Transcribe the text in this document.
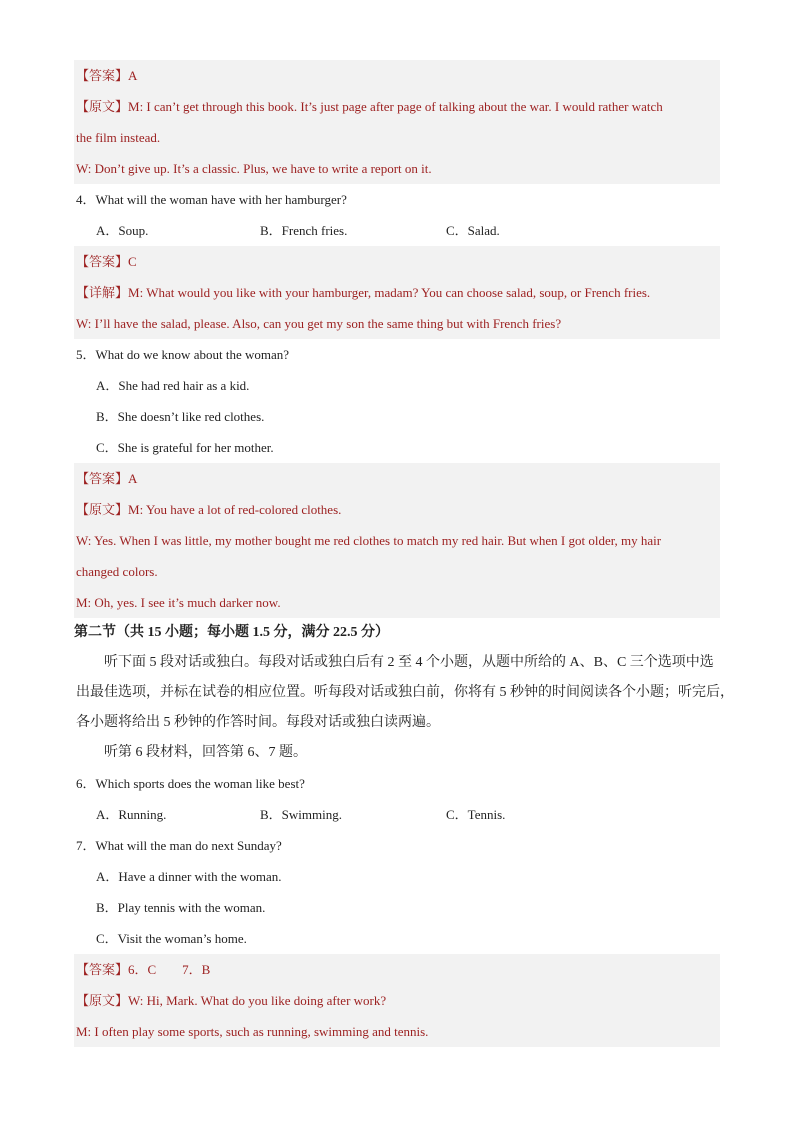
【答案】A
【原文】M: I can’t get through this book. It’s just page after page of talking about the war. I would rather watch
the film instead.
W: Don’t give up. It’s a classic. Plus, we have to write a report on it.
4．What will the woman have with her hamburger?
A．Soup.	B．French fries.	C．Salad.
【答案】C
【详解】M: What would you like with your hamburger, madam? You can choose salad, soup, or French fries.
W: I’ll have the salad, please. Also, can you get my son the same thing but with French fries?
5．What do we know about the woman?
A．She had red hair as a kid.
B．She doesn’t like red clothes.
C．She is grateful for her mother.
【答案】A
【原文】M: You have a lot of red-colored clothes.
W: Yes. When I was little, my mother bought me red clothes to match my red hair. But when I got older, my hair
changed colors.
M: Oh, yes. I see it’s much darker now.
第二节（共 15 小题；每小题 1.5 分，满分 22.5 分）
听下面 5 段对话或独白。每段对话或独白后有 2 至 4 个小题，从题中所给的 A、B、C 三个选项中选
出最佳选项，并标在试卷的相应位置。听每段对话或独白前，你将有 5 秒钟的时间阅读各个小题；听完后，
各小题将给出 5 秒钟的作答时间。每段对话或独白读两遍。
听第 6 段材料，回答第 6、7 题。
6．Which sports does the woman like best?
A．Running.	B．Swimming.	C．Tennis.
7．What will the man do next Sunday?
A．Have a dinner with the woman.
B．Play tennis with the woman.
C．Visit the woman’s home.
【答案】6．C　　7．B
【原文】W: Hi, Mark. What do you like doing after work?
M: I often play some sports, such as running, swimming and tennis.
